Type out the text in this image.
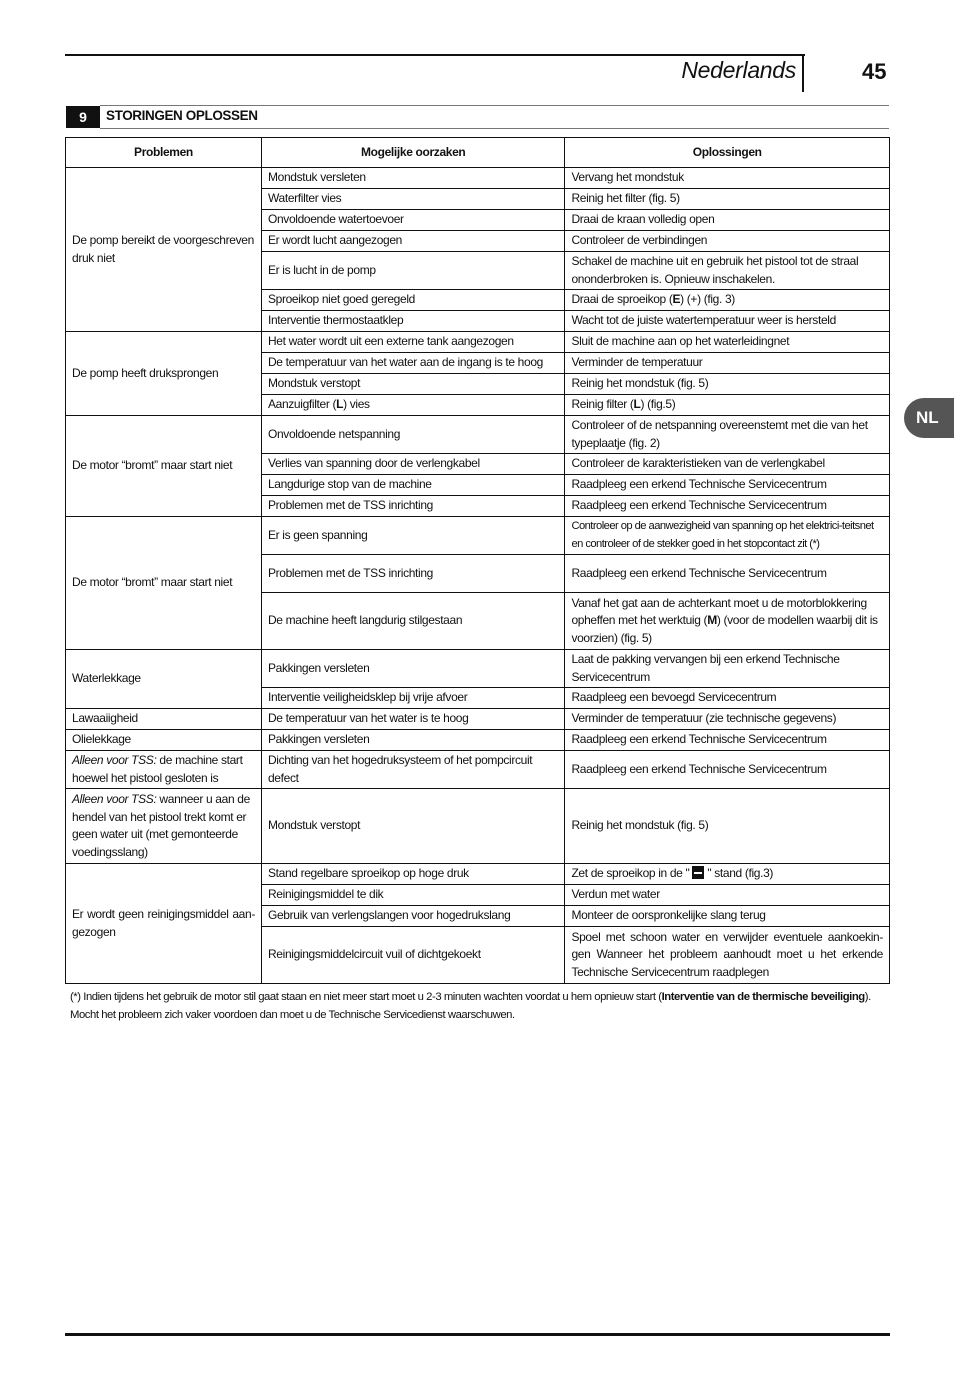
Nederlands	45
9	STORINGEN OPLOSSEN
NL
Problemen	Mogelijke oorzaken	Oplossingen
De pomp bereikt de voorgeschreven druk niet	Mondstuk versleten	Vervang het mondstuk
	Waterfilter vies	Reinig het filter (fig. 5)
	Onvoldoende watertoevoer	Draai de kraan volledig open
	Er wordt lucht aangezogen	Controleer de verbindingen
	Er is lucht in de pomp	Schakel de machine uit en gebruik het pistool tot de straal ononderbroken is. Opnieuw inschakelen.
	Sproeikop niet goed geregeld	Draai de sproeikop (E) (+) (fig. 3)
	Interventie thermostaatklep	Wacht tot de juiste watertemperatuur weer is hersteld
De pomp heeft druksprongen	Het water wordt uit een externe tank aangezogen	Sluit de machine aan op het waterleidingnet
	De temperatuur van het water aan de ingang is te hoog	Verminder de temperatuur
	Mondstuk verstopt	Reinig het mondstuk (fig. 5)
	Aanzuigfilter (L) vies	Reinig filter (L) (fig.5)
De motor “bromt” maar start niet	Onvoldoende netspanning	Controleer of de netspanning overeenstemt met die van het typeplaatje (fig. 2)
	Verlies van spanning door de verlengkabel	Controleer de karakteristieken van de verlengkabel
	Langdurige stop van de machine	Raadpleeg een erkend Technische Servicecentrum
	Problemen met de TSS inrichting	Raadpleeg een erkend Technische Servicecentrum
De motor “bromt” maar start niet	Er is geen spanning	Controleer op de aanwezigheid van spanning op het elektrici-teitsnet en controleer of de stekker goed in het stopcontact zit (*)
	Problemen met de TSS inrichting	Raadpleeg een erkend Technische Servicecentrum
	De machine heeft langdurig stilgestaan	Vanaf het gat aan de achterkant moet u de motorblokkering opheffen met het werktuig (M) (voor de modellen waarbij dit is voorzien) (fig. 5)
Waterlekkage	Pakkingen versleten	Laat de pakking vervangen bij een erkend Technische Servicecentrum
	Interventie veiligheidsklep bij vrije afvoer	Raadpleeg een bevoegd Servicecentrum
Lawaaiigheid	De temperatuur van het water is te hoog	Verminder de temperatuur (zie technische gegevens)
Olielekkage	Pakkingen versleten	Raadpleeg een erkend Technische Servicecentrum
Alleen voor TSS: de machine start hoewel het pistool gesloten is	Dichting van het hogedruksysteem of het pompcircuit defect	Raadpleeg een erkend Technische Servicecentrum
Alleen voor TSS: wanneer u aan de hendel van het pistool trekt komt er geen water uit (met gemonteerde voedingsslang)	Mondstuk verstopt	Reinig het mondstuk (fig. 5)
Er wordt geen reinigingsmiddel aan-gezogen	Stand regelbare sproeikop op hoge druk	Zet de sproeikop in de "  " stand (fig.3)
	Reinigingsmiddel te dik	Verdun met water
	Gebruik van verlengslangen voor hogedrukslang	Monteer de oorspronkelijke slang terug
	Reinigingsmiddelcircuit vuil of dichtgekoekt	Spoel met schoon water en verwijder eventuele aankoekin-gen Wanneer het probleem aanhoudt moet u het erkende Technische Servicecentrum raadplegen
(*) Indien tijdens het gebruik de motor stil gaat staan en niet meer start moet u 2-3 minuten wachten voordat u hem opnieuw start (Interventie van de thermische beveiliging).
Mocht het probleem zich vaker voordoen dan moet u de Technische Servicedienst waarschuwen.
